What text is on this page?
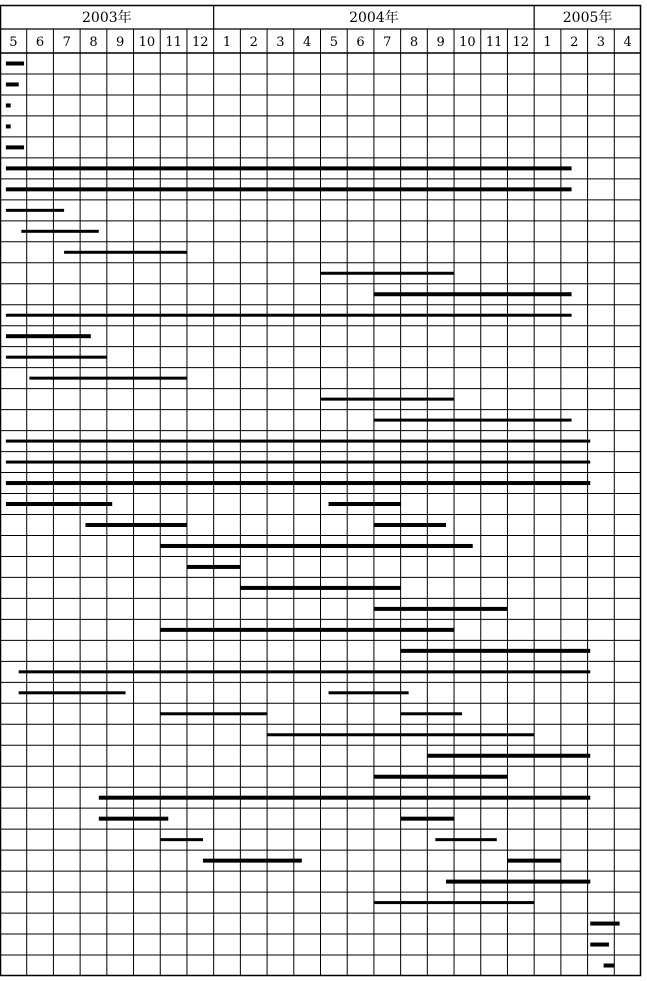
2003年	2004年	2005年
5 6 7 8 9 10 11 12 1 2 3 4 5 6 7 8 9 10 11 12 1 2 3 4
